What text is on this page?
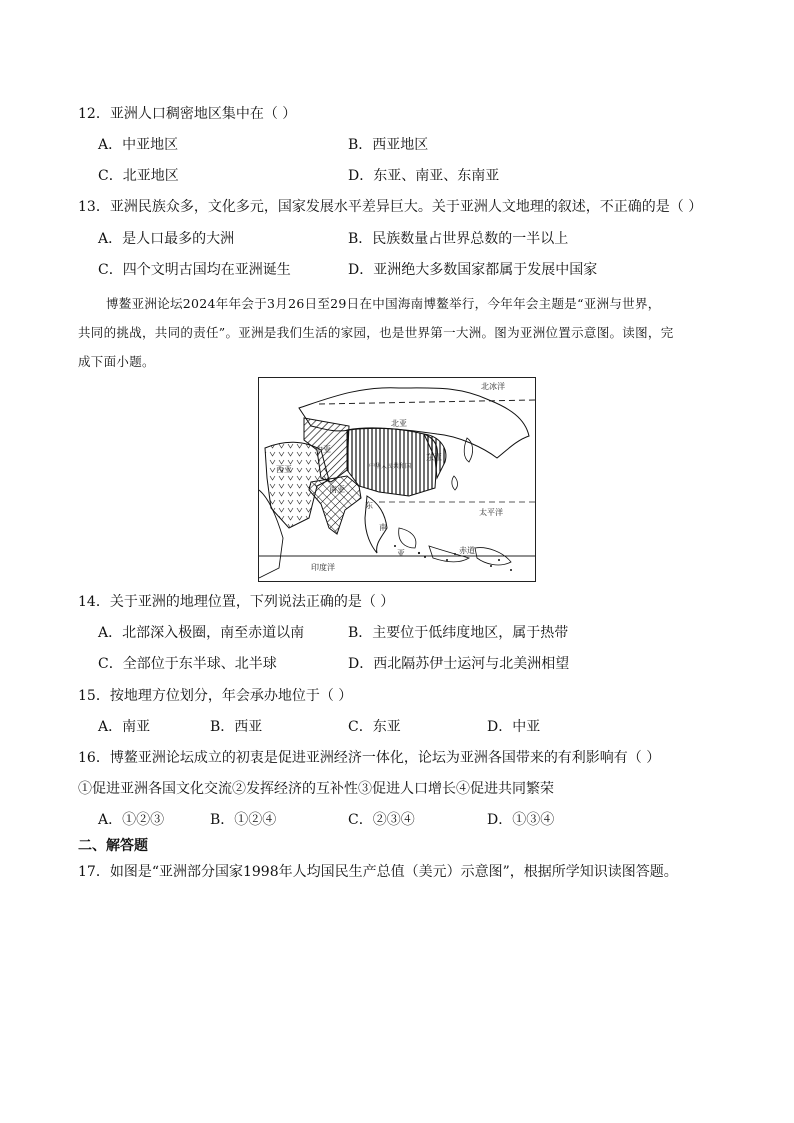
12．亚洲人口稠密地区集中在（ ）
A．中亚地区	B．西亚地区
C．北亚地区	D．东亚、南亚、东南亚
13．亚洲民族众多，文化多元，国家发展水平差异巨大。关于亚洲人文地理的叙述，不正确的是（ ）
A．是人口最多的大洲	B．民族数量占世界总数的一半以上
C．四个文明古国均在亚洲诞生	D．亚洲绝大多数国家都属于发展中国家

博鳌亚洲论坛2024年年会于3月26日至29日在中国海南博鳌举行，今年年会主题是“亚洲与世界，

共同的挑战，共同的责任”。亚洲是我们生活的家园，也是世界第一大洲。图为亚洲位置示意图。读图，完

成下面小题。

北冰洋
北亚
中亚
西亚	中华人民共和国
东亚
南亚
东
南
亚
太平洋
赤道
印度洋
14．关于亚洲的地理位置，下列说法正确的是（ ）
A．北部深入极圈，南至赤道以南	B．主要位于低纬度地区，属于热带
C．全部位于东半球、北半球	D．西北隔苏伊士运河与北美洲相望
15．按地理方位划分，年会承办地位于（ ）
A．南亚	B．西亚	C．东亚	D．中亚
16．博鳌亚洲论坛成立的初衷是促进亚洲经济一体化，论坛为亚洲各国带来的有利影响有（ ）
①促进亚洲各国文化交流②发挥经济的互补性③促进人口增长④促进共同繁荣
A．①②③	B．①②④	C．②③④	D．①③④
二、解答题
17．如图是“亚洲部分国家1998年人均国民生产总值（美元）示意图”，根据所学知识读图答题。
